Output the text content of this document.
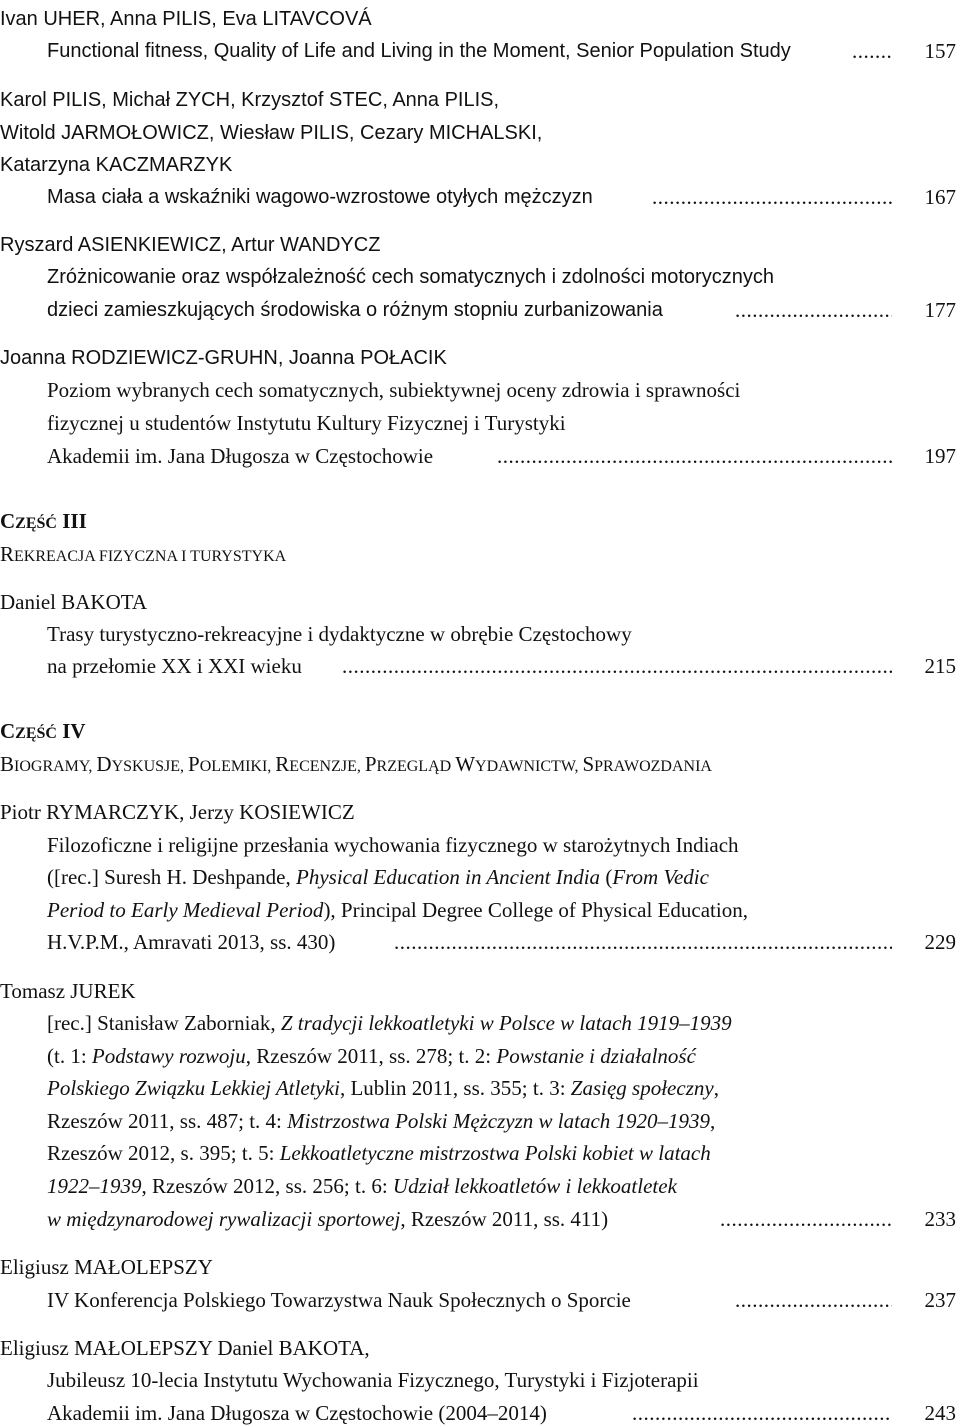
Ivan UHER, Anna PILIS, Eva LITAVCOVÁ
Functional fitness, Quality of Life and Living in the Moment, Senior Population Study .....	157
Karol PILIS, Michał ZYCH, Krzysztof STEC, Anna PILIS,
Witold JARMOŁOWICZ, Wiesław PILIS, Cezary MICHALSKI,
Katarzyna KACZMARZYK
Masa ciała a wskaźniki wagowo-wzrostowe otyłych mężczyzn .....	167
Ryszard ASIENKIEWICZ, Artur WANDYCZ
Zróżnicowanie oraz współzależność cech somatycznych i zdolności motorycznych
dzieci zamieszkujących środowiska o różnym stopniu zurbanizowania .....	177
Joanna RODZIEWICZ-GRUHN, Joanna POŁACIK
Poziom wybranych cech somatycznych, subiektywnej oceny zdrowia i sprawności
fizycznej u studentów Instytutu Kultury Fizycznej i Turystyki
Akademii im. Jana Długosza w Częstochowie .....	197
CZĘŚĆ III
REKREACJA FIZYCZNA I TURYSTYKA
Daniel BAKOTA
Trasy turystyczno-rekreacyjne i dydaktyczne w obrębie Częstochowy
na przełomie XX i XXI wieku .....	215
CZĘŚĆ IV
BIOGRAMY, DYSKUSJE, POLEMIKI, RECENZJE, PRZEGLĄD WYDAWNICTW, SPRAWOZDANIA
Piotr RYMARCZYK, Jerzy KOSIEWICZ
Filozoficzne i religijne przesłania wychowania fizycznego w starożytnych Indiach
([rec.] Suresh H. Deshpande, Physical Education in Ancient India (From Vedic
Period to Early Medieval Period), Principal Degree College of Physical Education,
H.V.P.M., Amravati 2013, ss. 430) .....	229
Tomasz JUREK
[rec.] Stanisław Zaborniak, Z tradycji lekkoatletyki w Polsce w latach 1919–1939
(t. 1: Podstawy rozwoju, Rzeszów 2011, ss. 278; t. 2: Powstanie i działalność
Polskiego Związku Lekkiej Atletyki, Lublin 2011, ss. 355; t. 3: Zasięg społeczny,
Rzeszów 2011, ss. 487; t. 4: Mistrzostwa Polski Mężczyzn w latach 1920–1939,
Rzeszów 2012, s. 395; t. 5: Lekkoatletyczne mistrzostwa Polski kobiet w latach
1922–1939, Rzeszów 2012, ss. 256; t. 6: Udział lekkoatletów i lekkoatletek
w międzynarodowej rywalizacji sportowej, Rzeszów 2011, ss. 411) .....	233
Eligiusz MAŁOLEPSZY
IV Konferencja Polskiego Towarzystwa Nauk Społecznych o Sporcie .....	237
Eligiusz MAŁOLEPSZY Daniel BAKOTA,
Jubileusz 10-lecia Instytutu Wychowania Fizycznego, Turystyki i Fizjoterapii
Akademii im. Jana Długosza w Częstochowie (2004–2014) .....	243
